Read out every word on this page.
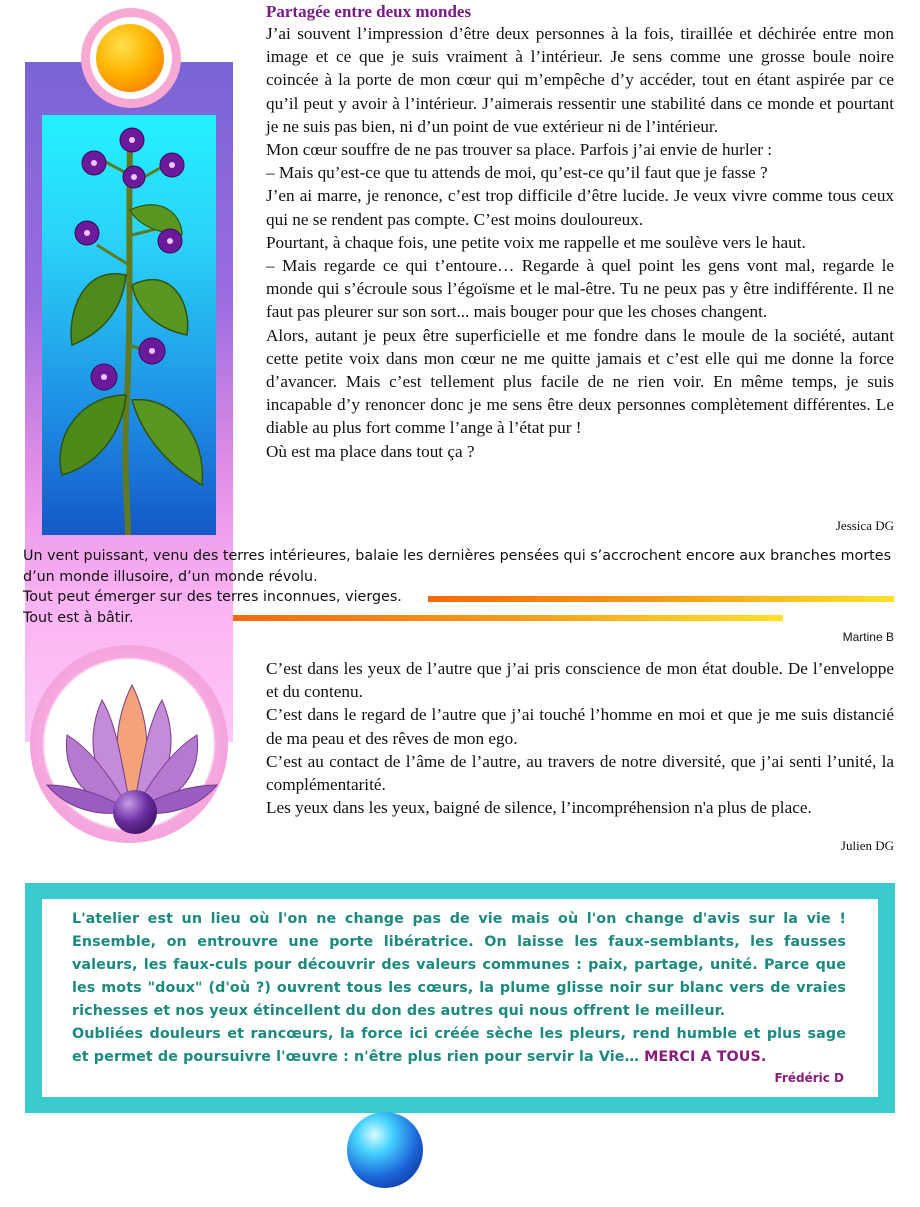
Partagée entre deux mondes

J’ai souvent l’impression d’être deux personnes à la fois, tiraillée et déchirée entre mon image et ce que je suis vraiment à l’intérieur. Je sens comme une grosse boule noire coincée à la porte de mon cœur qui m’empêche d’y accéder, tout en étant aspirée par ce qu’il peut y avoir à l’intérieur. J’aimerais ressentir une stabilité dans ce monde et pourtant je ne suis pas bien, ni d’un point de vue extérieur ni de l’intérieur.

Mon cœur souffre de ne pas trouver sa place. Parfois j’ai envie de hurler :

– Mais qu’est-ce que tu attends de moi, qu’est-ce qu’il faut que je fasse ?

J’en ai marre, je renonce, c’est trop difficile d’être lucide. Je veux vivre comme tous ceux qui ne se rendent pas compte. C’est moins douloureux.

Pourtant, à chaque fois, une petite voix me rappelle et me soulève vers le haut.

– Mais regarde ce qui t’entoure… Regarde à quel point les gens vont mal, regarde le monde qui s’écroule sous l’égoïsme et le mal-être. Tu ne peux pas y être indifférente. Il ne faut pas pleurer sur son sort... mais bouger pour que les choses changent.

Alors, autant je peux être superficielle et me fondre dans le moule de la société, autant cette petite voix dans mon cœur ne me quitte jamais et c’est elle qui me donne la force d’avancer. Mais c’est tellement plus facile de ne rien voir. En même temps, je suis incapable d’y renoncer donc je me sens être deux personnes complètement différentes. Le diable au plus fort comme l’ange à l’état pur !

Où est ma place dans tout ça ?

Jessica DG

Un vent puissant, venu des terres intérieures, balaie les dernières pensées qui s’accrochent encore aux branches mortes d’un monde illusoire, d’un monde révolu.

Tout peut émerger sur des terres inconnues, vierges.

Tout est à bâtir.

Martine B

C’est dans les yeux de l’autre que j’ai pris conscience de mon état double. De l’enveloppe et du contenu.

C’est dans le regard de l’autre que j’ai touché l’homme en moi et que je me suis distancié de ma peau et des rêves de mon ego.

C’est au contact de l’âme de l’autre, au travers de notre diversité, que j’ai senti l’unité, la complémentarité.

Les yeux dans les yeux, baigné de silence, l’incompréhension n'a plus de place.

Julien DG

L'atelier est un lieu où l'on ne change pas de vie mais où l'on change d'avis sur la vie ! Ensemble, on entrouvre une porte libératrice. On laisse les faux-semblants, les fausses valeurs, les faux-culs pour découvrir des valeurs communes : paix, partage, unité. Parce que les mots "doux" (d'où ?) ouvrent tous les cœurs, la plume glisse noir sur blanc vers de vraies richesses et nos yeux étincellent du don des autres qui nous offrent le meilleur.

Oubliées douleurs et rancœurs, la force ici créée sèche les pleurs, rend humble et plus sage et permet de poursuivre l'œuvre : n'être plus rien pour servir la Vie… MERCI A TOUS.

Frédéric D
